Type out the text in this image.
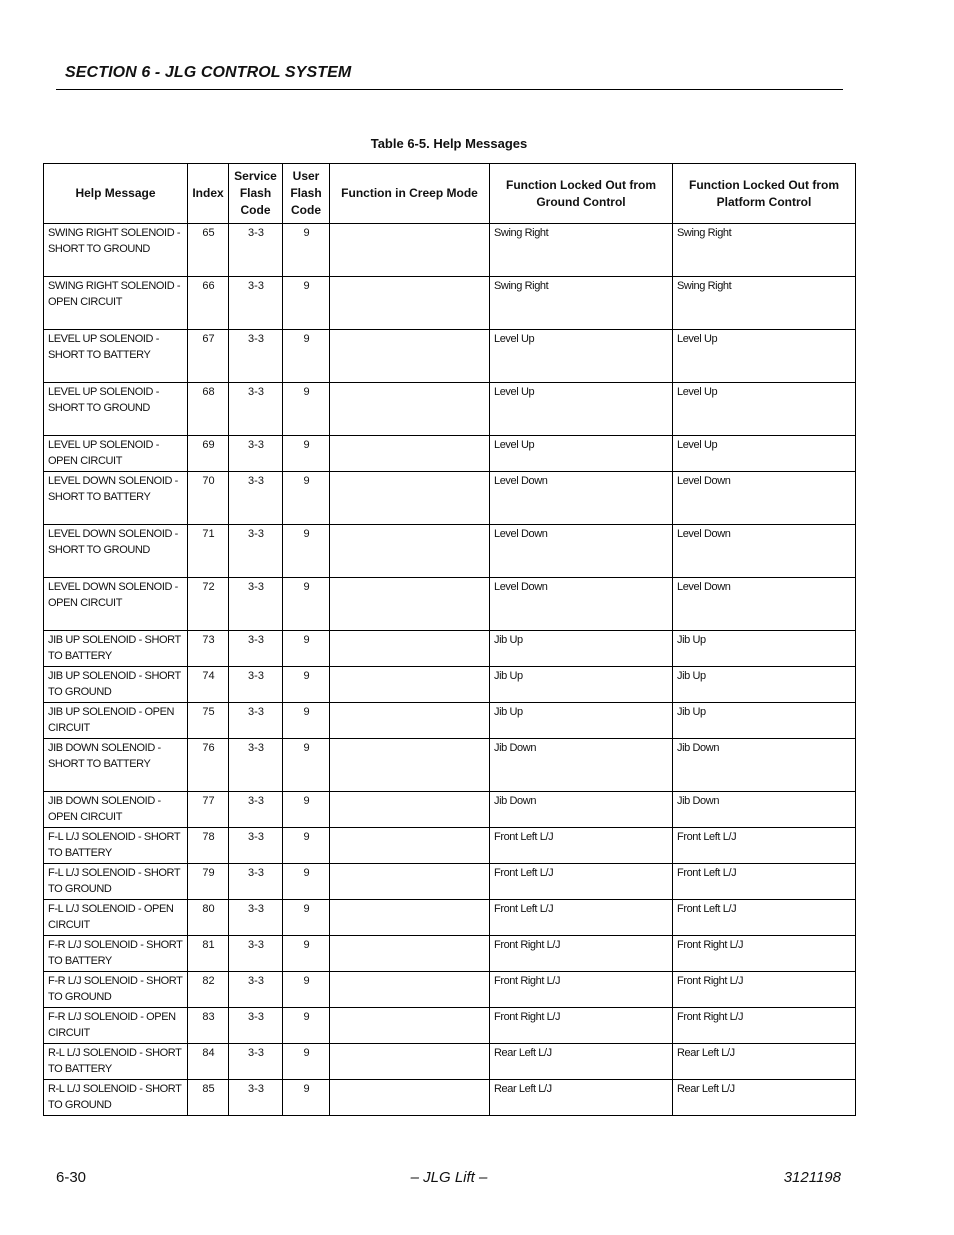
SECTION 6 - JLG CONTROL SYSTEM
Table 6-5. Help Messages
Help Message	Index	Service Flash Code	User Flash Code	Function in Creep Mode	Function Locked Out from Ground Control	Function Locked Out from Platform Control
SWING RIGHT SOLENOID - SHORT TO GROUND	65	3-3	9		Swing Right	Swing Right
SWING RIGHT SOLENOID - OPEN CIRCUIT	66	3-3	9		Swing Right	Swing Right
LEVEL UP SOLENOID - SHORT TO BATTERY	67	3-3	9		Level Up	Level Up
LEVEL UP SOLENOID - SHORT TO GROUND	68	3-3	9		Level Up	Level Up
LEVEL UP SOLENOID - OPEN CIRCUIT	69	3-3	9		Level Up	Level Up
LEVEL DOWN SOLENOID - SHORT TO BATTERY	70	3-3	9		Level Down	Level Down
LEVEL DOWN SOLENOID - SHORT TO GROUND	71	3-3	9		Level Down	Level Down
LEVEL DOWN SOLENOID - OPEN CIRCUIT	72	3-3	9		Level Down	Level Down
JIB UP SOLENOID - SHORT TO BATTERY	73	3-3	9		Jib Up	Jib Up
JIB UP SOLENOID - SHORT TO GROUND	74	3-3	9		Jib Up	Jib Up
JIB UP SOLENOID - OPEN CIRCUIT	75	3-3	9		Jib Up	Jib Up
JIB DOWN SOLENOID - SHORT TO BATTERY	76	3-3	9		Jib Down	Jib Down
JIB DOWN SOLENOID - OPEN CIRCUIT	77	3-3	9		Jib Down	Jib Down
F-L L/J SOLENOID - SHORT TO BATTERY	78	3-3	9		Front Left L/J	Front Left L/J
F-L L/J SOLENOID - SHORT TO GROUND	79	3-3	9		Front Left L/J	Front Left L/J
F-L L/J SOLENOID - OPEN CIRCUIT	80	3-3	9		Front Left L/J	Front Left L/J
F-R L/J SOLENOID - SHORT TO BATTERY	81	3-3	9		Front Right L/J	Front Right L/J
F-R L/J SOLENOID - SHORT TO GROUND	82	3-3	9		Front Right L/J	Front Right L/J
F-R L/J SOLENOID - OPEN CIRCUIT	83	3-3	9		Front Right L/J	Front Right L/J
R-L L/J SOLENOID - SHORT TO BATTERY	84	3-3	9		Rear Left L/J	Rear Left L/J
R-L L/J SOLENOID - SHORT TO GROUND	85	3-3	9		Rear Left L/J	Rear Left L/J
6-30	– JLG Lift –	3121198
